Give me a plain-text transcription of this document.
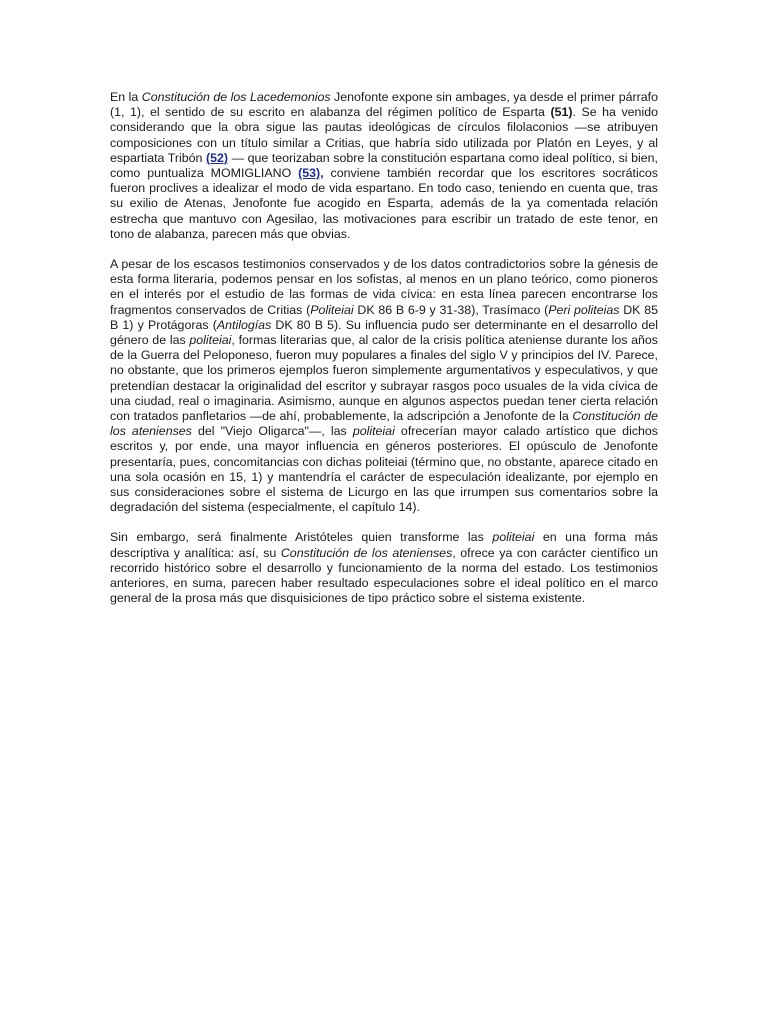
En la Constitución de los Lacedemonios Jenofonte expone sin ambages, ya desde el primer párrafo (1, 1), el sentido de su escrito en alabanza del régimen político de Esparta (51). Se ha venido considerando que la obra sigue las pautas ideológicas de círculos filolaconios —se atribuyen composiciones con un título similar a Critias, que habría sido utilizada por Platón en Leyes, y al espartiata Tribón (52) — que teorizaban sobre la constitución espartana como ideal político, si bien, como puntualiza MOMIGLIANO (53), conviene también recordar que los escritores socráticos fueron proclives a idealizar el modo de vida espartano. En todo caso, teniendo en cuenta que, tras su exilio de Atenas, Jenofonte fue acogido en Esparta, además de la ya comentada relación estrecha que mantuvo con Agesilao, las motivaciones para escribir un tratado de este tenor, en tono de alabanza, parecen más que obvias.

A pesar de los escasos testimonios conservados y de los datos contradictorios sobre la génesis de esta forma literaria, podemos pensar en los sofistas, al menos en un plano teórico, como pioneros en el interés por el estudio de las formas de vida cívica: en esta línea parecen encontrarse los fragmentos conservados de Critias (Politeiai DK 86 B 6-9 y 31-38), Trasímaco (Peri politeias DK 85 B 1) y Protágoras (Antilogías DK 80 B 5). Su influencia pudo ser determinante en el desarrollo del género de las politeiai, formas literarias que, al calor de la crisis política ateniense durante los años de la Guerra del Peloponeso, fueron muy populares a finales del siglo V y principios del IV. Parece, no obstante, que los primeros ejemplos fueron simplemente argumentativos y especulativos, y que pretendían destacar la originalidad del escritor y subrayar rasgos poco usuales de la vida cívica de una ciudad, real o imaginaria. Asimismo, aunque en algunos aspectos puedan tener cierta relación con tratados panfletarios —de ahí, probablemente, la adscripción a Jenofonte de la Constitución de los atenienses del "Viejo Oligarca"—, las politeiai ofrecerían mayor calado artístico que dichos escritos y, por ende, una mayor influencia en géneros posteriores. El opúsculo de Jenofonte presentaría, pues, concomitancias con dichas politeiai (término que, no obstante, aparece citado en una sola ocasión en 15, 1) y mantendría el carácter de especulación idealizante, por ejemplo en sus consideraciones sobre el sistema de Licurgo en las que irrumpen sus comentarios sobre la degradación del sistema (especialmente, el capítulo 14).

Sin embargo, será finalmente Aristóteles quien transforme las politeiai en una forma más descriptiva y analítica: así, su Constitución de los atenienses, ofrece ya con carácter científico un recorrido histórico sobre el desarrollo y funcionamiento de la norma del estado. Los testimonios anteriores, en suma, parecen haber resultado especulaciones sobre el ideal político en el marco general de la prosa más que disquisiciones de tipo práctico sobre el sistema existente.
